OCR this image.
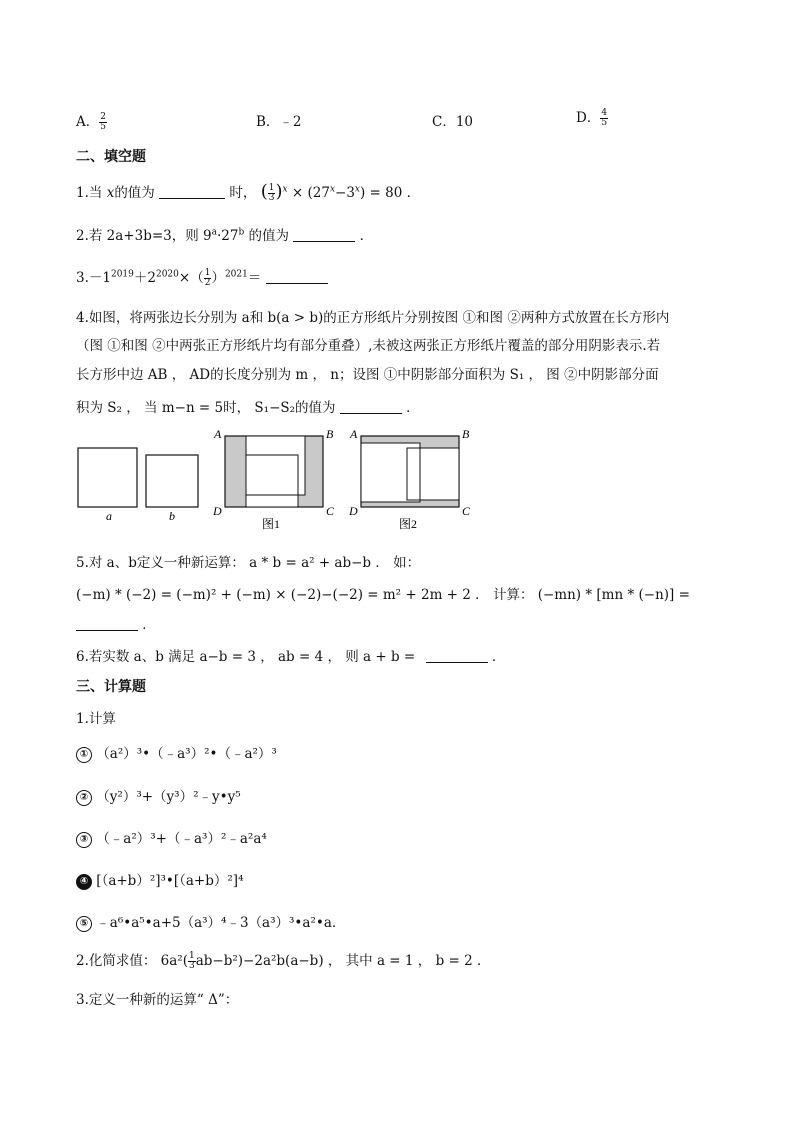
A． $\frac{2}{5}$	B．﹣2	C．10	D． $\frac{4}{5}$
二、填空题
1.当 x的值为	时， ( $\frac{1}{3} )^x \times (27^x-3^x) = 80$ ．
2.若 2a+3b=3，则 $9^a\cdot 27^b$ 的值为	．
$3.-1^{2019}+2^{2020}\times( \frac{1}{2} )^{2021}=$
4.如图，将两张边长分别为 a和 b(a > b)的正方形纸片分别按图 ①和图 ②两种方式放置在长方形内
（图 ①和图 ②中两张正方形纸片均有部分重叠）,未被这两张正方形纸片覆盖的部分用阴影表示.若
长方形中边 AB ， AD的长度分别为 m ， n；设图 ①中阴影部分面积为 S₁ ， 图 ②中阴影部分面
积为 S₂ ， 当 m−n = 5时， S₁−S₂的值为	．
a	b
A	B
D	C
图1
A	B
D	C
图2
5.对 a、b定义一种新运算： a * b = a² + ab−b ． 如：
(−m) * (−2) = (−m)² + (−m) × (−2)−(−2) = m² + 2m + 2 ． 计算： (−mn) * [mn * (−n)] =
．
6.若实数 a、b 满足 a−b = 3 ， ab = 4 ， 则 a + b =	．
三、计算题
1.计算
① （a²）³•（﹣a³）²•（﹣a²）³
② （y²）³+（y³）²﹣y•y⁵
③ （﹣a²）³+（﹣a³）²﹣a²a⁴
④ [（a+b）²]³•[（a+b）²]⁴
⑤ ﹣a⁶•a⁵•a+5（a³）⁴﹣3（a³）³•a²•a．
2.化简求值： $6a^2( \frac{1}{3} ab-b^2)-2a^2b(a-b)$ ， 其中 a = 1 ， b = 2 ．
3.定义一种新的运算“ Δ”：
